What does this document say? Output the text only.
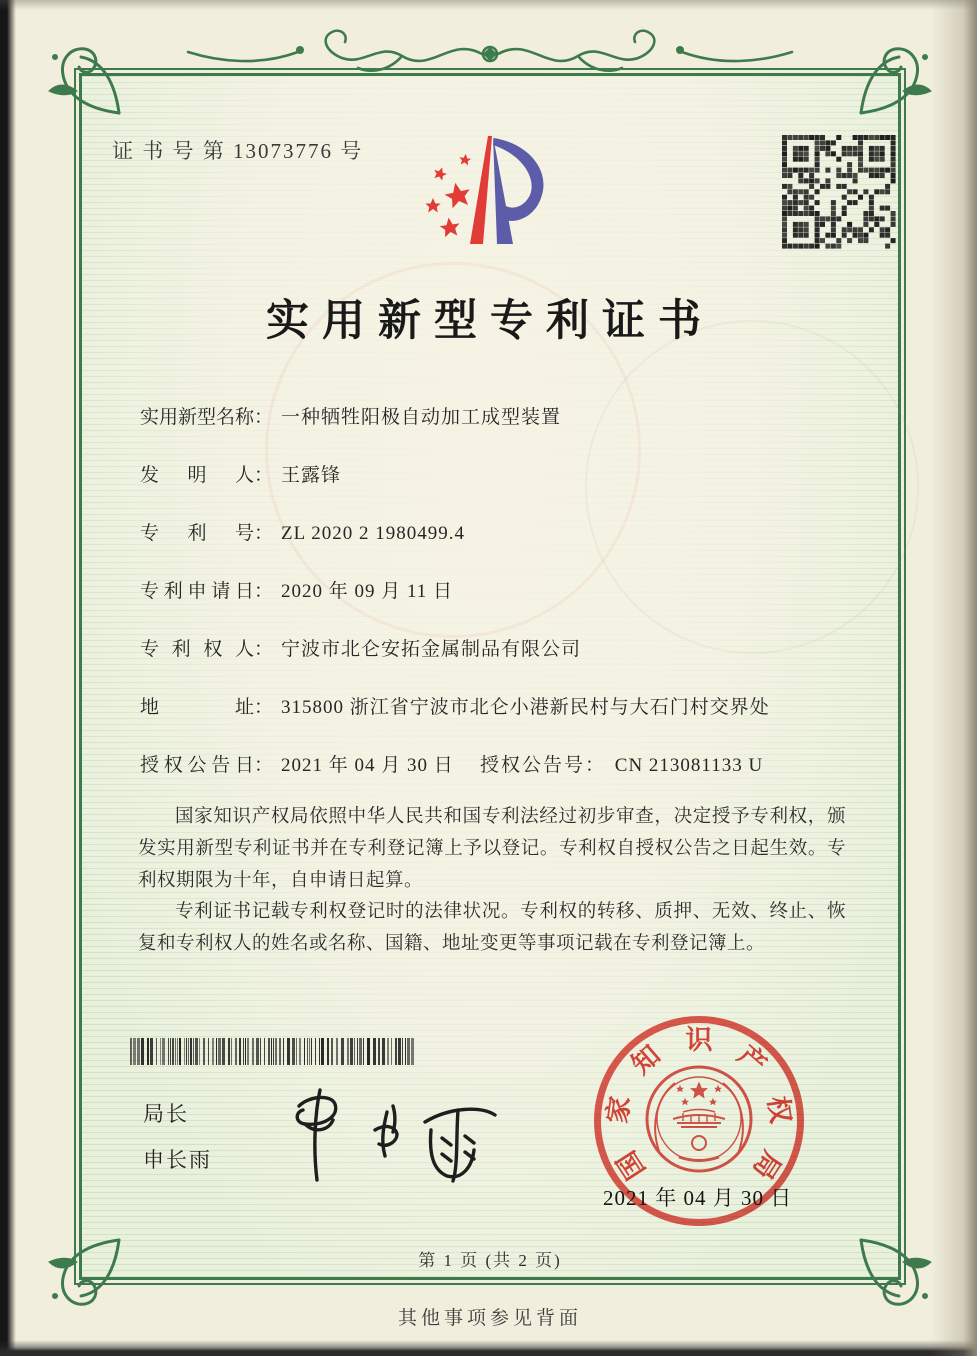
证 书 号 第 13073776 号
实用新型专利证书
实用新型名称： 一种牺牲阳极自动加工成型装置
发明人： 王露锋
专利号： ZL 2020 2 1980499.4
专利申请日： 2020 年 09 月 11 日
专利权人： 宁波市北仑安拓金属制品有限公司
地址： 315800 浙江省宁波市北仑小港新民村与大石门村交界处
授权公告日： 2021 年 04 月 30 日	授权公告号： CN 213081133 U

国家知识产权局依照中华人民共和国专利法经过初步审查，决定授予专利权，颁发实用新型专利证书并在专利登记簿上予以登记。专利权自授权公告之日起生效。专利权期限为十年，自申请日起算。

专利证书记载专利权登记时的法律状况。专利权的转移、质押、无效、终止、恢复和专利权人的姓名或名称、国籍、地址变更等事项记载在专利登记簿上。

局长
申长雨	国
家
知 识 产
权
局
2021 年 04 月 30 日
第 1 页 (共 2 页)
其他事项参见背面
